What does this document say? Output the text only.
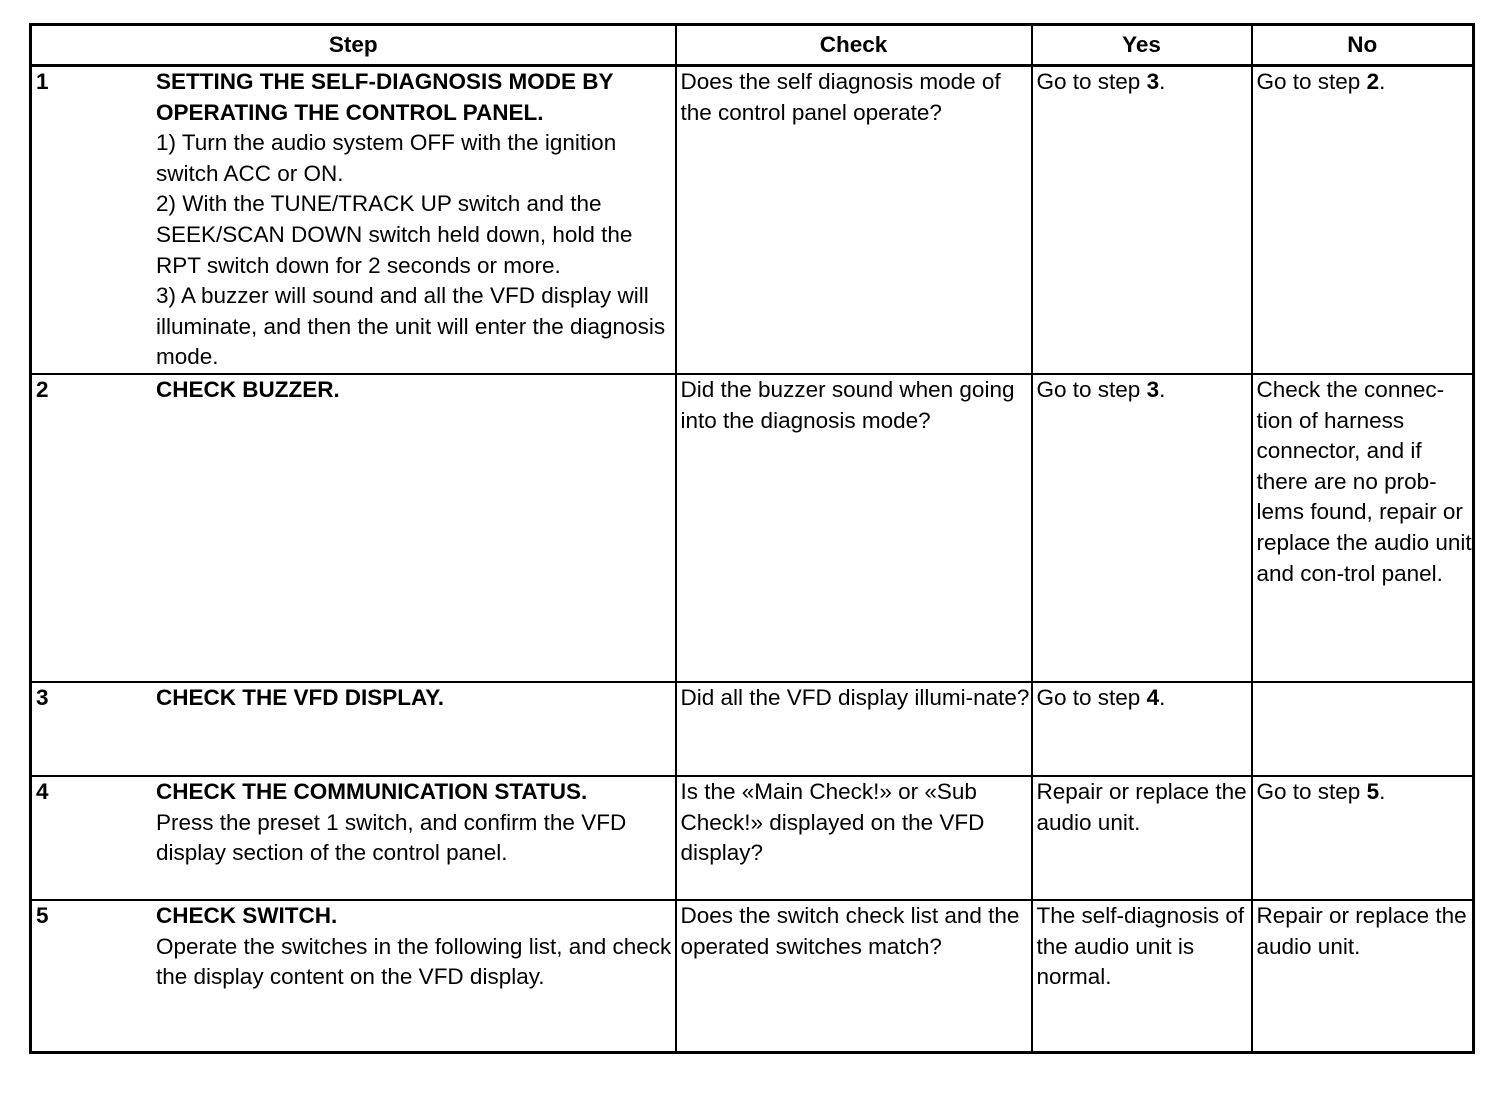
Step	Check	Yes	No

1 SETTING THE SELF-DIAGNOSIS MODE BY OPERATING THE CONTROL PANEL.
1) Turn the audio system OFF with the ignition switch ACC or ON.
2) With the TUNE/TRACK UP switch and the SEEK/SCAN DOWN switch held down, hold the RPT switch down for 2 seconds or more.
3) A buzzer will sound and all the VFD display will illuminate, and then the unit will enter the diagnosis mode.	Does the self diagnosis mode of the control panel operate?	Go to step 3.	Go to step 2.

2 CHECK BUZZER.	Did the buzzer sound when going into the diagnosis mode?	Go to step 3.	Check the connec-tion of harness connector, and if there are no prob-lems found, repair or replace the audio unit and con-trol panel.

3 CHECK THE VFD DISPLAY.	Did all the VFD display illumi-nate?	Go to step 4.	

4 CHECK THE COMMUNICATION STATUS.
Press the preset 1 switch, and confirm the VFD display section of the control panel.	Is the «Main Check!» or «Sub Check!» displayed on the VFD display?	Repair or replace the audio unit.	Go to step 5.

5 CHECK SWITCH.
Operate the switches in the following list, and check the display content on the VFD display.	Does the switch check list and the operated switches match?	The self-diagnosis of the audio unit is normal.	Repair or replace the audio unit.
